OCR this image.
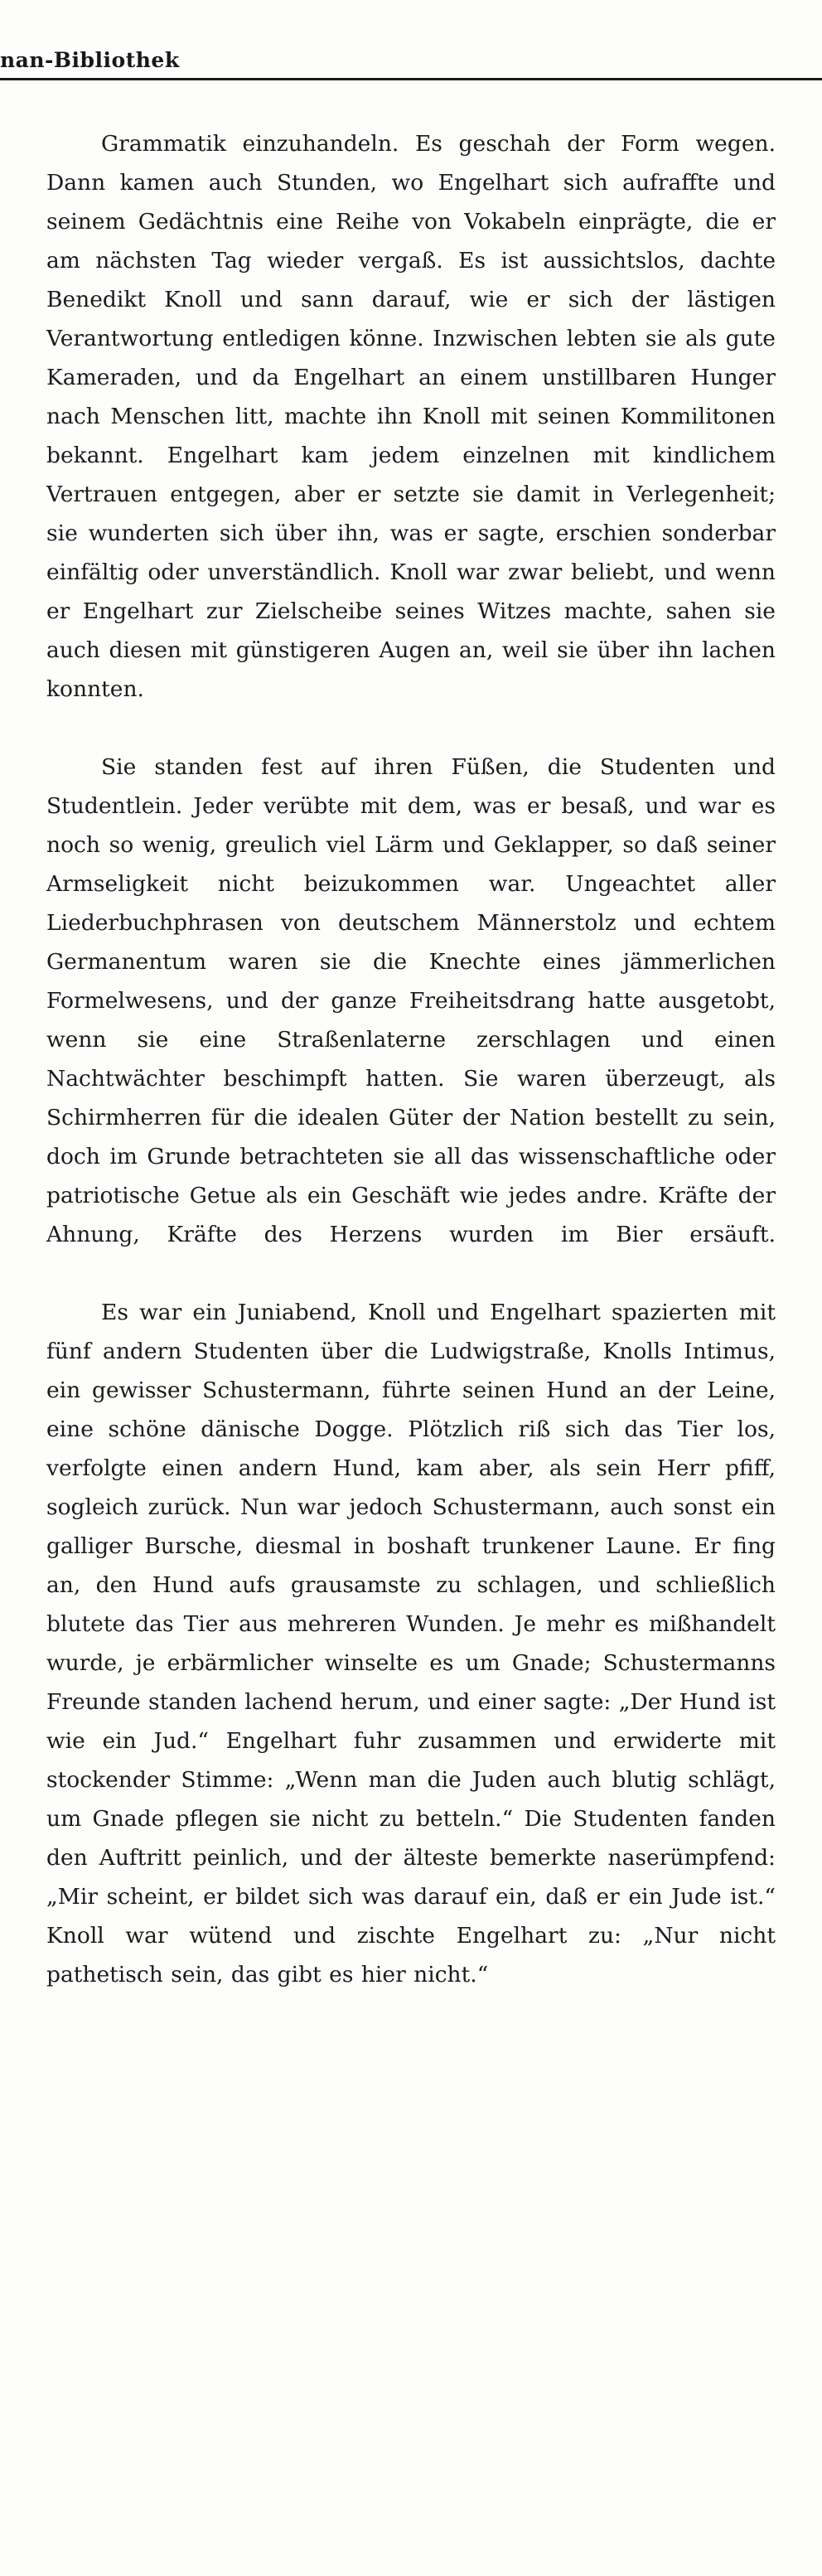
nan-Bibliothek

Grammatik einzuhandeln. Es geschah der Form wegen. Dann kamen auch Stunden, wo Engelhart sich aufraffte und seinem Gedächtnis eine Reihe von Vokabeln einprägte, die er am nächsten Tag wieder vergaß. Es ist aussichtslos, dachte Benedikt Knoll und sann darauf, wie er sich der lästigen Verantwortung entledigen könne. Inzwischen lebten sie als gute Kameraden, und da Engelhart an einem unstillbaren Hunger nach Menschen litt, machte ihn Knoll mit seinen Kommilitonen bekannt. Engelhart kam jedem einzelnen mit kindlichem Vertrauen entgegen, aber er setzte sie damit in Verlegenheit; sie wunderten sich über ihn, was er sagte, erschien sonderbar einfältig oder unverständlich. Knoll war zwar beliebt, und wenn er Engelhart zur Zielscheibe seines Witzes machte, sahen sie auch diesen mit günstigeren Augen an, weil sie über ihn lachen konnten.

Sie standen fest auf ihren Füßen, die Studenten und Studentlein. Jeder verübte mit dem, was er besaß, und war es noch so wenig, greulich viel Lärm und Geklapper, so daß seiner Armseligkeit nicht beizukommen war. Ungeachtet aller Liederbuchphrasen von deutschem Männerstolz und echtem Germanentum waren sie die Knechte eines jämmerlichen Formelwesens, und der ganze Freiheitsdrang hatte ausgetobt, wenn sie eine Straßenlaterne zerschlagen und einen Nachtwächter beschimpft hatten. Sie waren überzeugt, als Schirmherren für die idealen Güter der Nation bestellt zu sein, doch im Grunde betrachteten sie all das wissenschaftliche oder patriotische Getue als ein Geschäft wie jedes andre. Kräfte der Ahnung, Kräfte des Herzens wurden im Bier ersäuft.

Es war ein Juniabend, Knoll und Engelhart spazierten mit fünf andern Studenten über die Ludwigstraße, Knolls Intimus, ein gewisser Schustermann, führte seinen Hund an der Leine, eine schöne dänische Dogge. Plötzlich riß sich das Tier los, verfolgte einen andern Hund, kam aber, als sein Herr pfiff, sogleich zurück. Nun war jedoch Schustermann, auch sonst ein galliger Bursche, diesmal in boshaft trunkener Laune. Er fing an, den Hund aufs grausamste zu schlagen, und schließlich blutete das Tier aus mehreren Wunden. Je mehr es mißhandelt wurde, je erbärmlicher winselte es um Gnade; Schustermanns Freunde standen lachend herum, und einer sagte: „Der Hund ist wie ein Jud.“ Engelhart fuhr zusammen und erwiderte mit stockender Stimme: „Wenn man die Juden auch blutig schlägt, um Gnade pflegen sie nicht zu betteln.“ Die Studenten fanden den Auftritt peinlich, und der älteste bemerkte naserümpfend: „Mir scheint, er bildet sich was darauf ein, daß er ein Jude ist.“ Knoll war wütend und zischte Engelhart zu: „Nur nicht pathetisch sein, das gibt es hier nicht.“
